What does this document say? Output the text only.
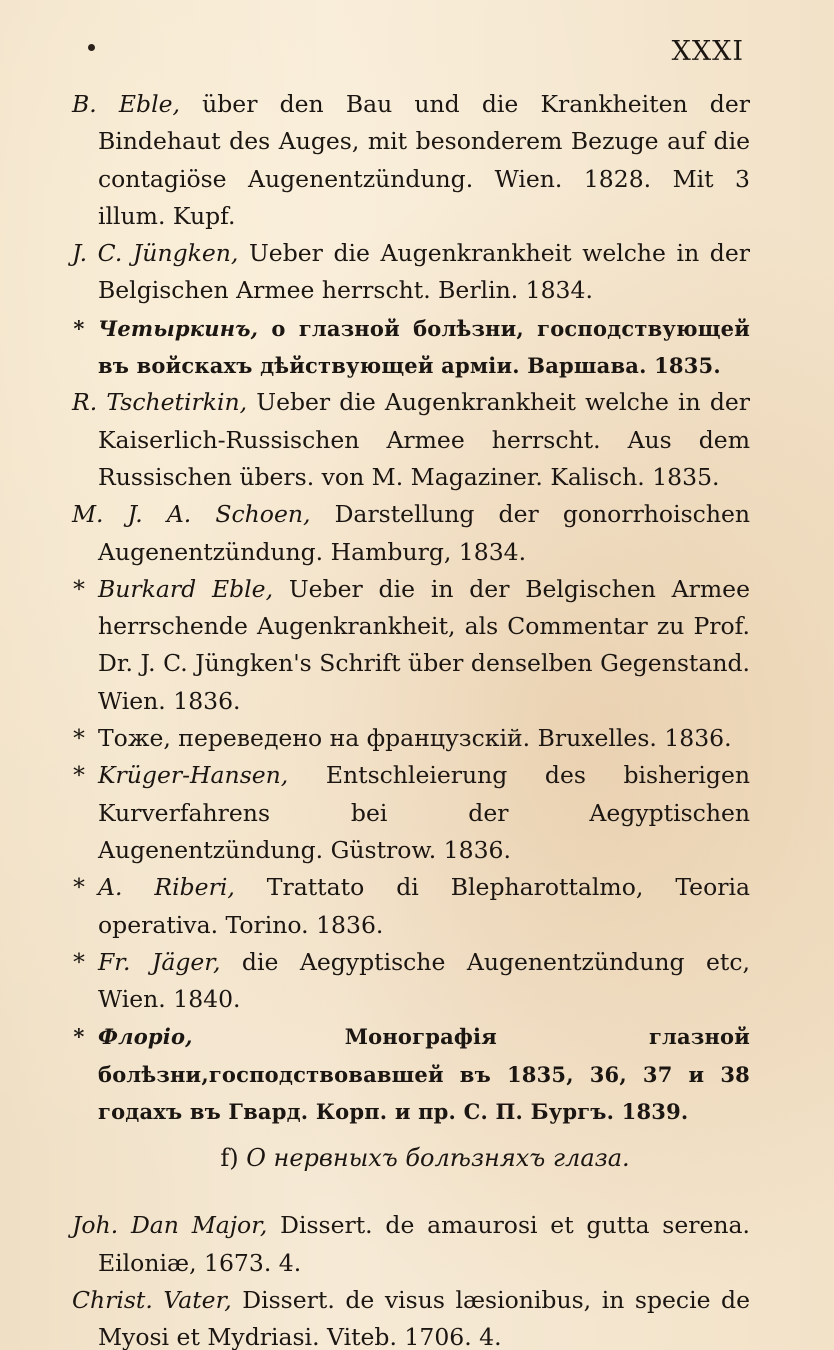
XXXI

B. Eble, über den Bau und die Krankheiten der Bindehaut des Auges, mit besonderem Bezuge auf die contagiöse Augenentzündung. Wien. 1828. Mit 3 illum. Kupf.

J. C. Jüngken, Ueber die Augenkrankheit welche in der Belgischen Armee herrscht. Berlin. 1834.

* Четыркинъ, о глазной болѣзни, господствующей въ войскахъ дѣйствующей арміи. Варшава. 1835.

R. Tschetirkin, Ueber die Augenkrankheit welche in der Kaiserlich-Russischen Armee herrscht. Aus dem Russischen übers. von M. Magaziner. Kalisch. 1835.

M. J. A. Schoen, Darstellung der gonorrhoischen Augenentzündung. Hamburg, 1834.

* Burkard Eble, Ueber die in der Belgischen Armee herrschende Augenkrankheit, als Commentar zu Prof. Dr. J. C. Jüngken's Schrift über denselben Gegenstand. Wien. 1836.

* Тоже, переведено на французскій. Bruxelles. 1836.

* Krüger-Hansen, Entschleierung des bisherigen Kurverfahrens bei der Aegyptischen Augenentzündung. Güstrow. 1836.

* A. Riberi, Trattato di Blepharottalmo, Teoria operativa. Torino. 1836.

* Fr. Jäger, die Aegyptische Augenentzündung etc, Wien. 1840.

* Флоріо, Монографія глазной болѣзни,господствовавшей въ 1835, 36, 37 и 38 годахъ въ Гвард. Корп. и пр. С. П. Бургъ. 1839.

f) О нервныхъ болѣзняхъ глаза.

Joh. Dan Major, Dissert. de amaurosi et gutta serena. Eiloniæ, 1673. 4.

Christ. Vater, Dissert. de visus læsionibus, in specie de Myosi et Mydriasi. Viteb. 1706. 4.
